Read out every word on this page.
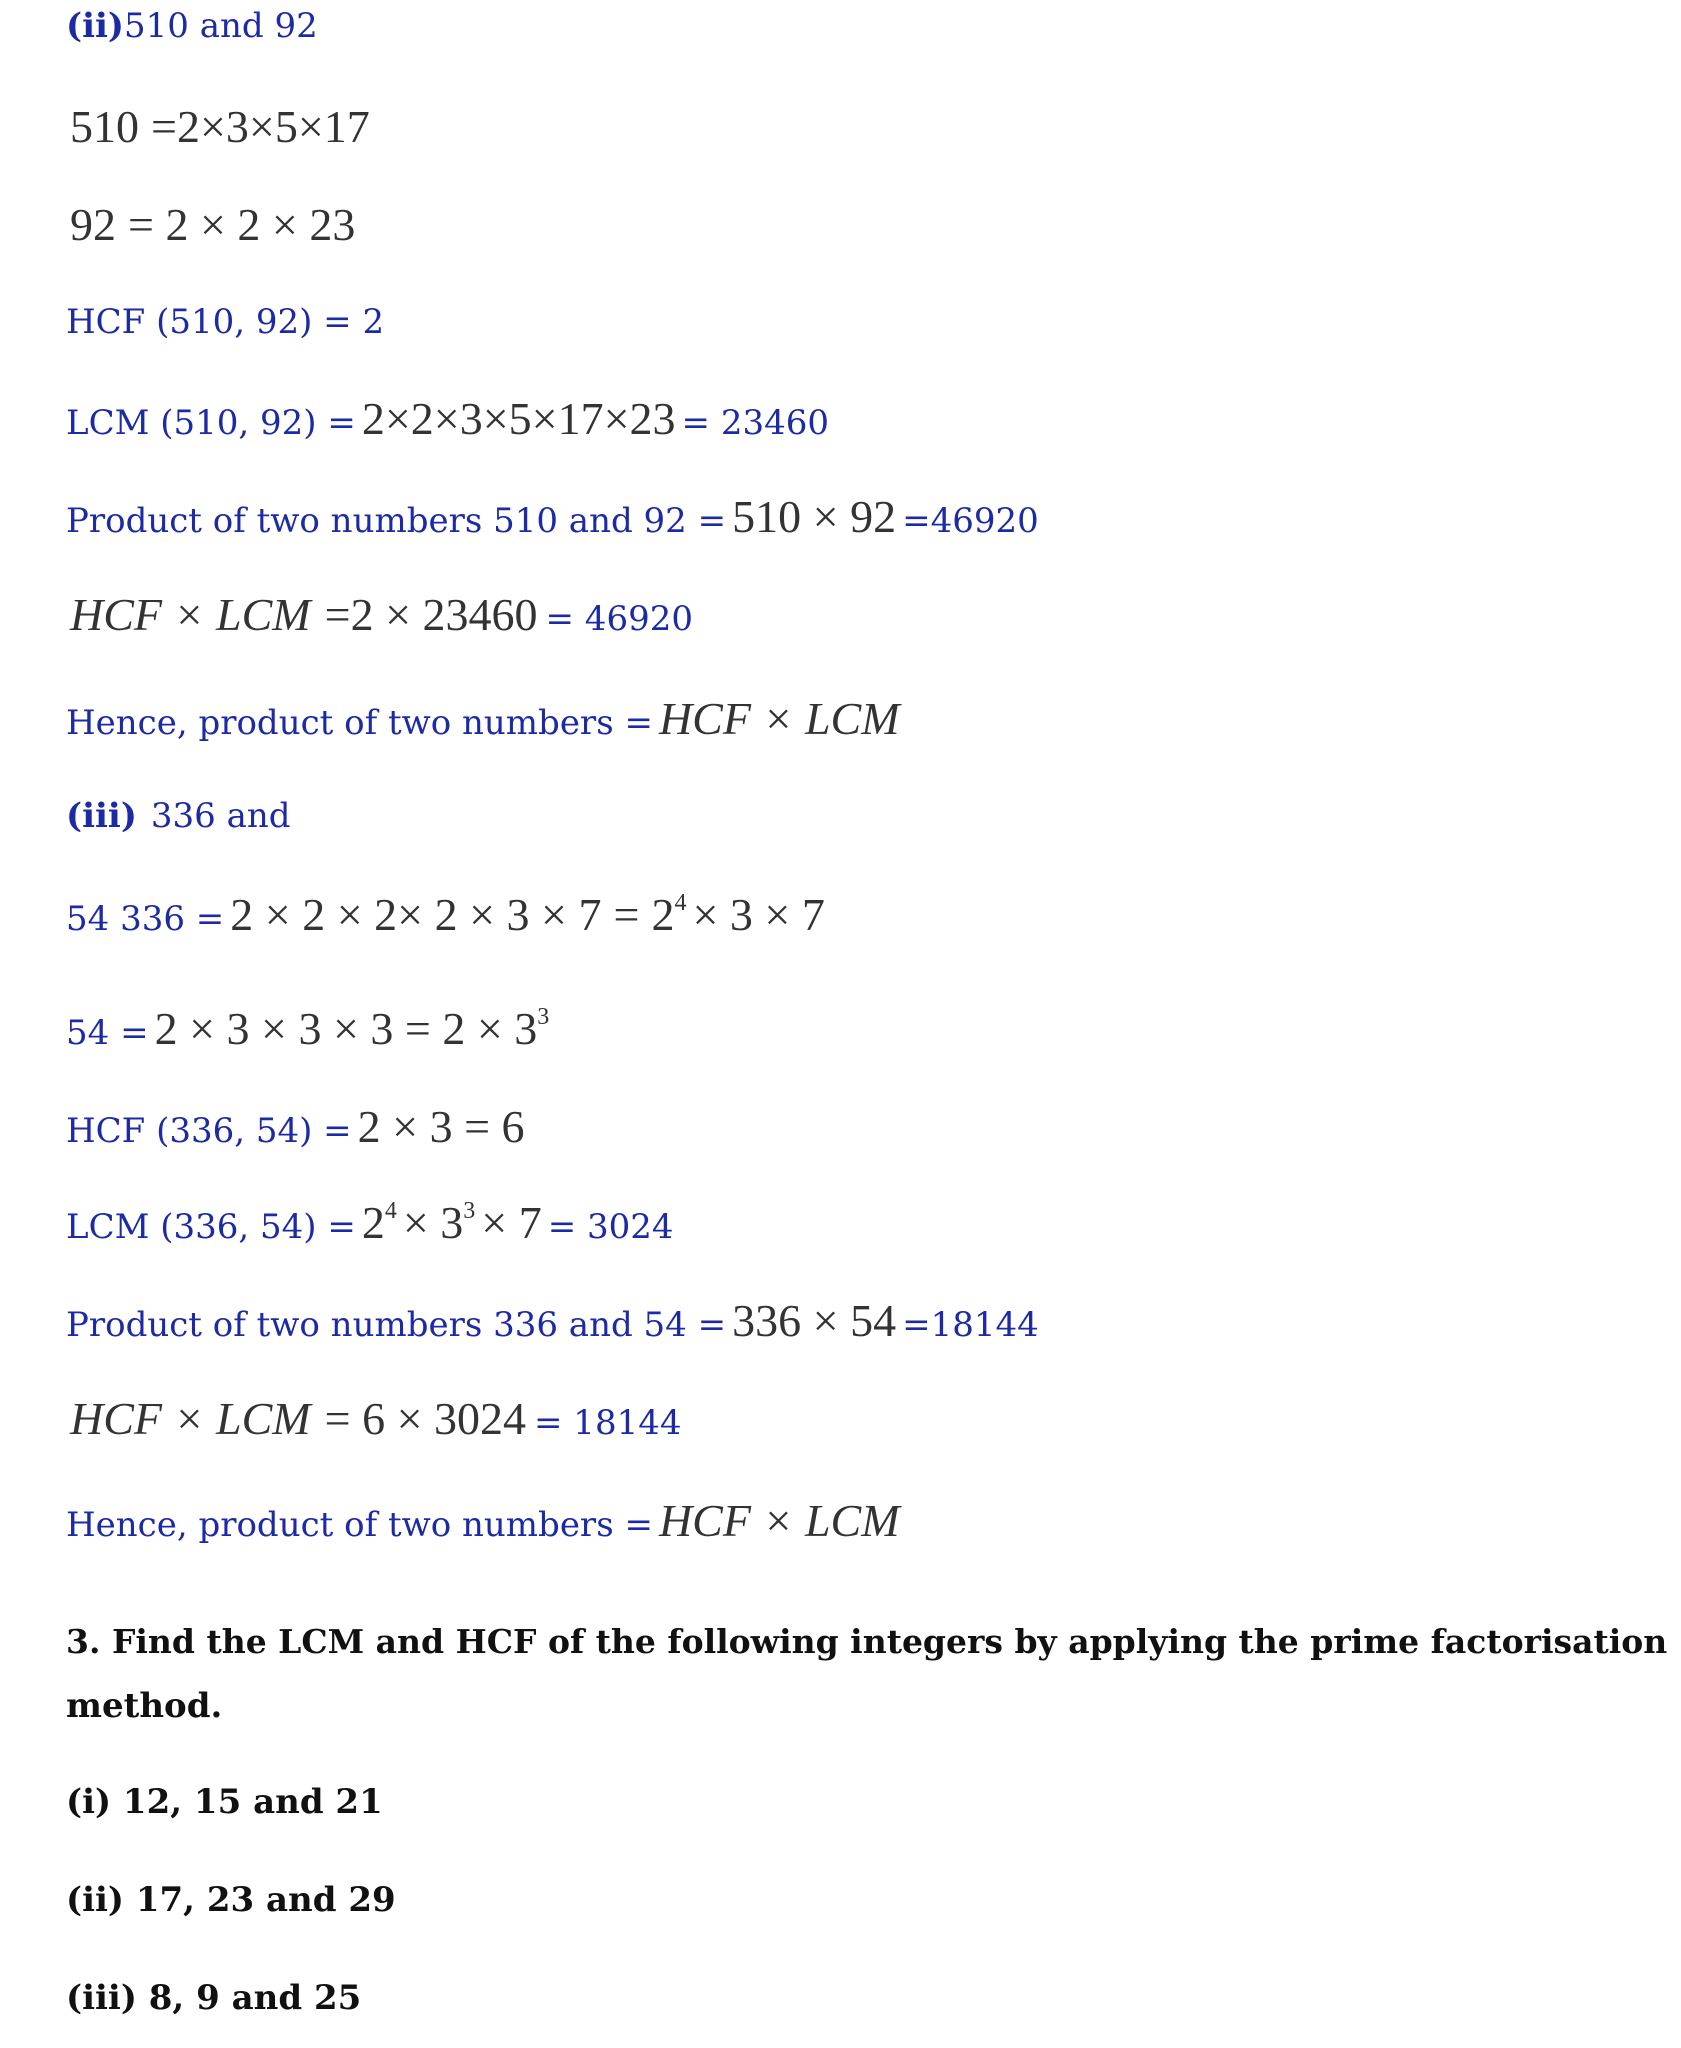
(ii) 510 and 92
510 =2×3×5×17
92 = 2 × 2 × 23
HCF (510, 92) = 2
LCM (510, 92) = 2×2×3×5×17×23 = 23460
Product of two numbers 510 and 92 = 510 × 92 =46920
HCF × LCM =2 × 23460 = 46920
Hence, product of two numbers = HCF × LCM
(iii) 336 and
54 $336 = 2 \times 2 \times 2\times 2 \times 3 \times 7 = 2^4 \times 3 \times 7$
$54 = 2 \times 3 \times 3 \times 3 = 2 \times 3^3$
HCF (336, 54) = 2 × 3 = 6
LCM (336, $54) = 2^4 \times 3^3 \times 7 = 3024$
Product of two numbers 336 and 54 = 336 × 54 =18144
HCF × LCM = 6 × 3024 = 18144
Hence, product of two numbers = HCF × LCM
3. Find the LCM and HCF of the following integers by applying the prime factorisation
method.
(i) 12, 15 and 21
(ii) 17, 23 and 29
(iii) 8, 9 and 25
